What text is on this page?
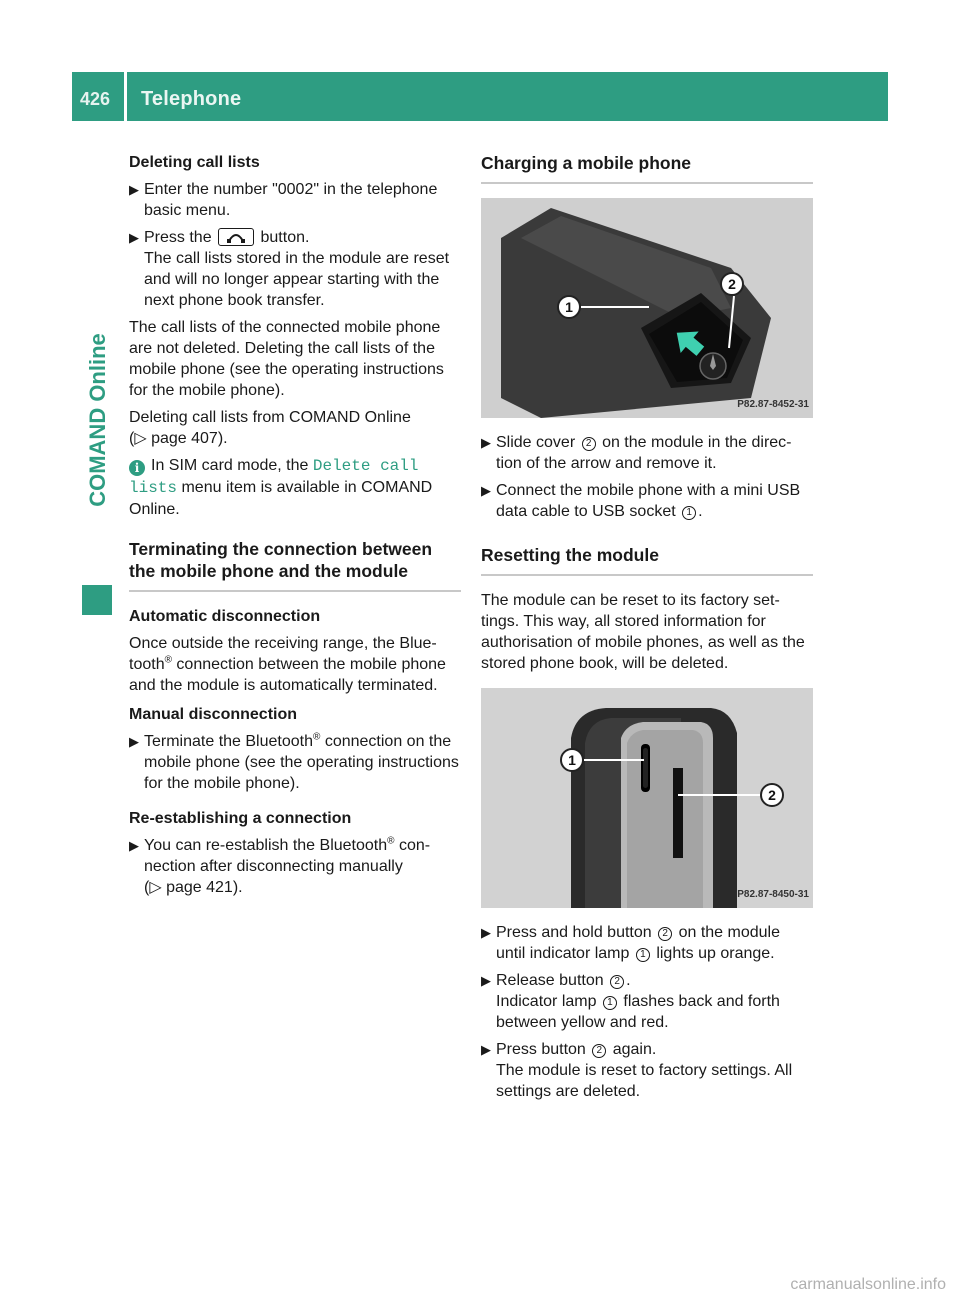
426 Telephone
COMAND Online
Deleting call lists
▶ Enter the number "0002" in the telephone basic menu.
▶ Press the	button.
The call lists stored in the module are reset and will no longer appear starting with the next phone book transfer.
The call lists of the connected mobile phone are not deleted. Deleting the call lists of the mobile phone (see the operating instructions for the mobile phone).
Deleting call lists from COMAND Online
(▷ page 407).
i In SIM card mode, the Delete call lists menu item is available in COMAND Online.
Terminating the connection between the mobile phone and the module
Automatic disconnection
Once outside the receiving range, the Blue-tooth® connection between the mobile phone and the module is automatically terminated.
Manual disconnection
▶ Terminate the Bluetooth® connection on the mobile phone (see the operating instructions for the mobile phone).
Re-establishing a connection
▶ You can re-establish the Bluetooth® con-nection after disconnecting manually
(▷ page 421).
Charging a mobile phone
1
2
P82.87-8452-31
▶ Slide cover 2 on the module in the direc-tion of the arrow and remove it.
▶ Connect the mobile phone with a mini USB data cable to USB socket 1 .
Resetting the module
The module can be reset to its factory set-tings. This way, all stored information for authorisation of mobile phones, as well as the stored phone book, will be deleted.
1
2
P82.87-8450-31
▶ Press and hold button 2 on the module until indicator lamp 1 lights up orange.
▶ Release button 2 .
Indicator lamp 1 flashes back and forth between yellow and red.
▶ Press button 2 again.
The module is reset to factory settings. All settings are deleted.
carmanualsonline.info
